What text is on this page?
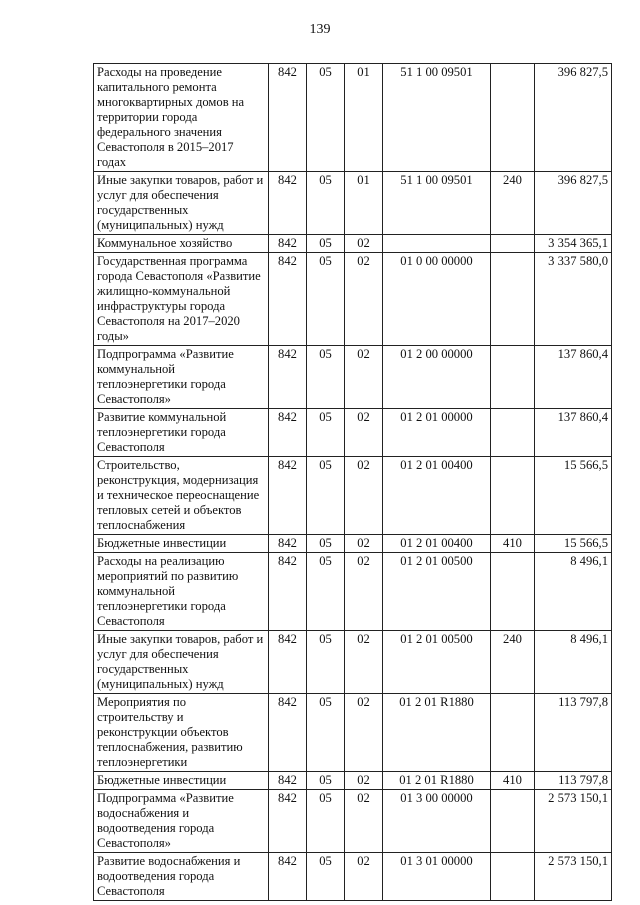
139
Расходы на проведение капитального ремонта многоквартирных домов на территории города федерального значения Севастополя в 2015–2017 годах	842	05	01	51 1 00 09501		396 827,5
Иные закупки товаров, работ и услуг для обеспечения государственных (муниципальных) нужд	842	05	01	51 1 00 09501	240	396 827,5
Коммунальное хозяйство	842	05	02			3 354 365,1
Государственная программа города Севастополя «Развитие жилищно-коммунальной инфраструктуры города Севастополя на 2017–2020 годы»	842	05	02	01 0 00 00000		3 337 580,0
Подпрограмма «Развитие коммунальной теплоэнергетики города Севастополя»	842	05	02	01 2 00 00000		137 860,4
Развитие коммунальной теплоэнергетики города Севастополя	842	05	02	01 2 01 00000		137 860,4
Строительство, реконструкция, модернизация и техническое переоснащение тепловых сетей и объектов теплоснабжения	842	05	02	01 2 01 00400		15 566,5
Бюджетные инвестиции	842	05	02	01 2 01 00400	410	15 566,5
Расходы на реализацию мероприятий по развитию коммунальной теплоэнергетики города Севастополя	842	05	02	01 2 01 00500		8 496,1
Иные закупки товаров, работ и услуг для обеспечения государственных (муниципальных) нужд	842	05	02	01 2 01 00500	240	8 496,1
Мероприятия по строительству и реконструкции объектов теплоснабжения, развитию теплоэнергетики	842	05	02	01 2 01 R1880		113 797,8
Бюджетные инвестиции	842	05	02	01 2 01 R1880	410	113 797,8
Подпрограмма «Развитие водоснабжения и водоотведения города Севастополя»	842	05	02	01 3 00 00000		2 573 150,1
Развитие водоснабжения и водоотведения города Севастополя	842	05	02	01 3 01 00000		2 573 150,1
